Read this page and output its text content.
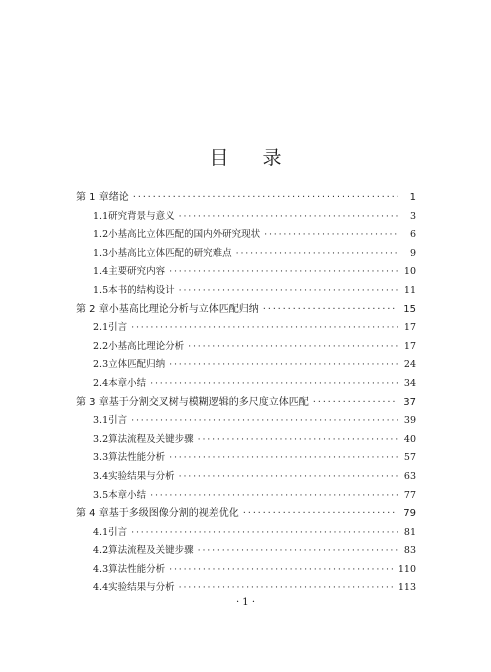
目录
第 1 章 绪论 ·····	1
1.1 研究背景与意义 ·····	3
1.2 小基高比立体匹配的国内外研究现状 ·····	6
1.3 小基高比立体匹配的研究难点 ·····	9
1.4 主要研究内容 ·····	10
1.5 本书的结构设计 ·····	11
第 2 章 小基高比理论分析与立体匹配归纳 ·····	15
2.1 引言 ·····	17
2.2 小基高比理论分析 ·····	17
2.3 立体匹配归纳 ·····	24
2.4 本章小结 ·····	34
第 3 章 基于分割交叉树与模糊逻辑的多尺度立体匹配 ·····	37
3.1 引言 ·····	39
3.2 算法流程及关键步骤 ·····	40
3.3 算法性能分析 ·····	57
3.4 实验结果与分析 ·····	63
3.5 本章小结 ·····	77
第 4 章 基于多级图像分割的视差优化 ·····	79
4.1 引言 ·····	81
4.2 算法流程及关键步骤 ·····	83
4.3 算法性能分析 ·····	110
4.4 实验结果与分析 ·····	113
· 1 ·
